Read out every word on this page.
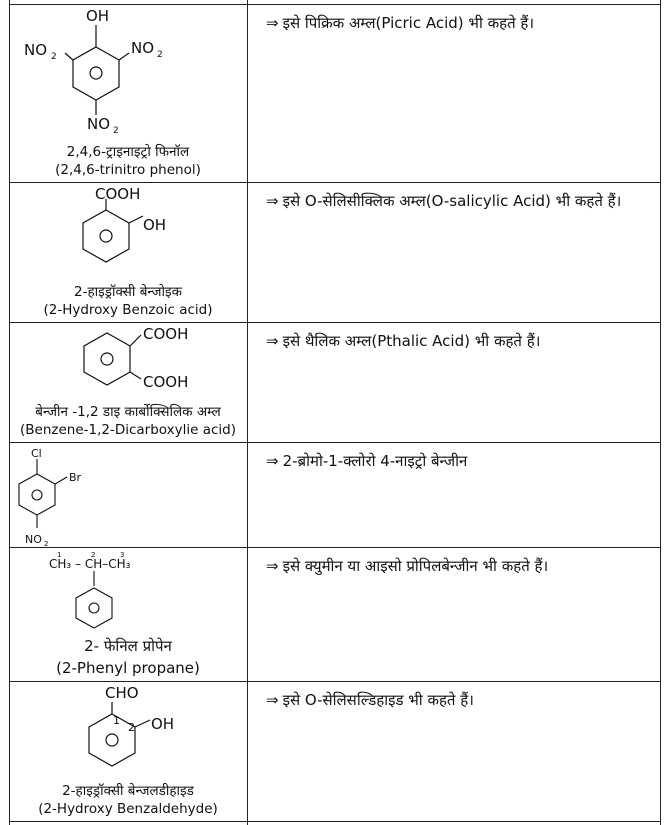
OH
NO 2	NO 2
NO 2
2,4,6-ट्राइनाइट्रो फिनॉल
(2,4,6-trinitro phenol)
⇒ इसे पिक्रिक अम्ल(Picric Acid) भी कहते हैं।
COOH
OH
2-हाइड्रॉक्सी बेन्जोइक
(2-Hydroxy Benzoic acid)
⇒ इसे O-सेलिसीक्लिक अम्ल(O-salicylic Acid) भी कहते हैं।
COOH
COOH
बेन्जीन -1,2 डाइ कार्बोक्सिलिक अम्ल
(Benzene-1,2-Dicarboxylie acid)
⇒ इसे थैलिक अम्ल(Pthalic Acid) भी कहते हैं।
Cl
Br
NO 2
⇒ 2-ब्रोमो-1-क्लोरो 4-नाइट्रो बेन्जीन
1	2	3
CH₃ – CH–CH₃
2- फेनिल प्रोपेन
(2-Phenyl propane)
⇒ इसे क्युमीन या आइसो प्रोपिलबेन्जीन भी कहते हैं।
CHO
OH
1
2
2-हाइड्रॉक्सी बेन्जलडीहाइड
(2-Hydroxy Benzaldehyde)
⇒ इसे O-सेलिसल्डिहाइड भी कहते हैं।
